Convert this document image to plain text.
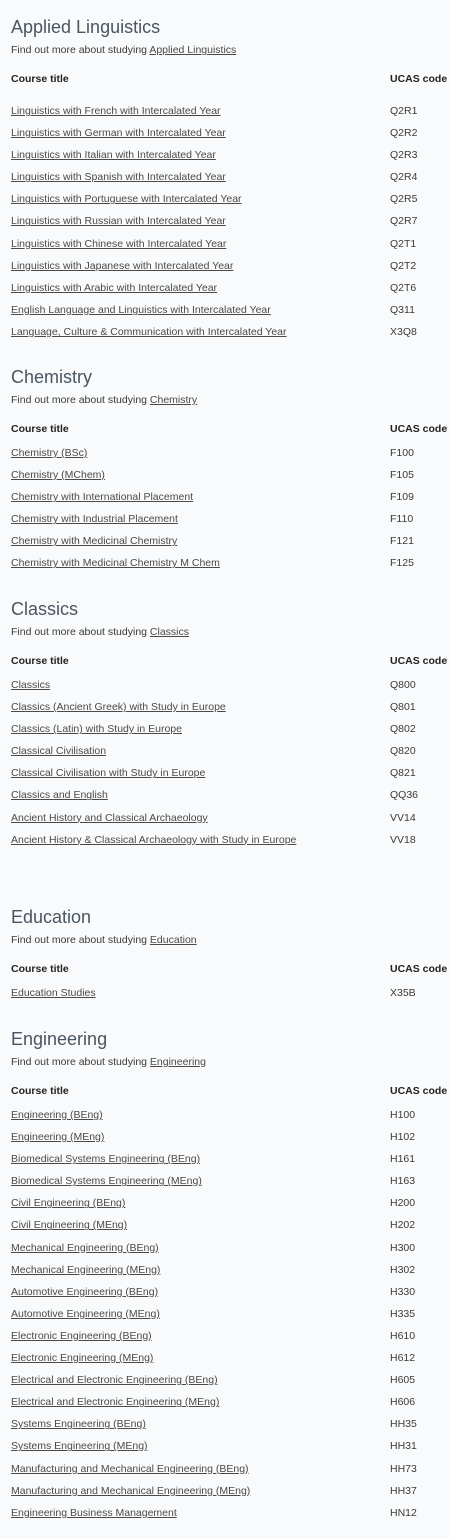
Applied Linguistics
Find out more about studying Applied Linguistics
Course title	UCAS code
Linguistics with French with Intercalated Year	Q2R1
Linguistics with German with Intercalated Year	Q2R2
Linguistics with Italian with Intercalated Year	Q2R3
Linguistics with Spanish with Intercalated Year	Q2R4
Linguistics with Portuguese with Intercalated Year	Q2R5
Linguistics with Russian with Intercalated Year	Q2R7
Linguistics with Chinese with Intercalated Year	Q2T1
Linguistics with Japanese with Intercalated Year	Q2T2
Linguistics with Arabic with Intercalated Year	Q2T6
English Language and Linguistics with Intercalated Year	Q311
Language, Culture & Communication with Intercalated Year	X3Q8
Chemistry
Find out more about studying Chemistry
Course title	UCAS code
Chemistry (BSc)	F100
Chemistry (MChem)	F105
Chemistry with International Placement	F109
Chemistry with Industrial Placement	F110
Chemistry with Medicinal Chemistry	F121
Chemistry with Medicinal Chemistry M Chem	F125
Classics
Find out more about studying Classics
Course title	UCAS code
Classics	Q800
Classics (Ancient Greek) with Study in Europe	Q801
Classics (Latin) with Study in Europe	Q802
Classical Civilisation	Q820
Classical Civilisation with Study in Europe	Q821
Classics and English	QQ36
Ancient History and Classical Archaeology	VV14
Ancient History & Classical Archaeology with Study in Europe	VV18
Education
Find out more about studying Education
Course title	UCAS code
Education Studies	X35B
Engineering
Find out more about studying Engineering
Course title	UCAS code
Engineering (BEng)	H100
Engineering (MEng)	H102
Biomedical Systems Engineering (BEng)	H161
Biomedical Systems Engineering (MEng)	H163
Civil Engineering (BEng)	H200
Civil Engineering (MEng)	H202
Mechanical Engineering (BEng)	H300
Mechanical Engineering (MEng)	H302
Automotive Engineering (BEng)	H330
Automotive Engineering (MEng)	H335
Electronic Engineering (BEng)	H610
Electronic Engineering (MEng)	H612
Electrical and Electronic Engineering (BEng)	H605
Electrical and Electronic Engineering (MEng)	H606
Systems Engineering (BEng)	HH35
Systems Engineering (MEng)	HH31
Manufacturing and Mechanical Engineering (BEng)	HH73
Manufacturing and Mechanical Engineering (MEng)	HH37
Engineering Business Management	HN12
